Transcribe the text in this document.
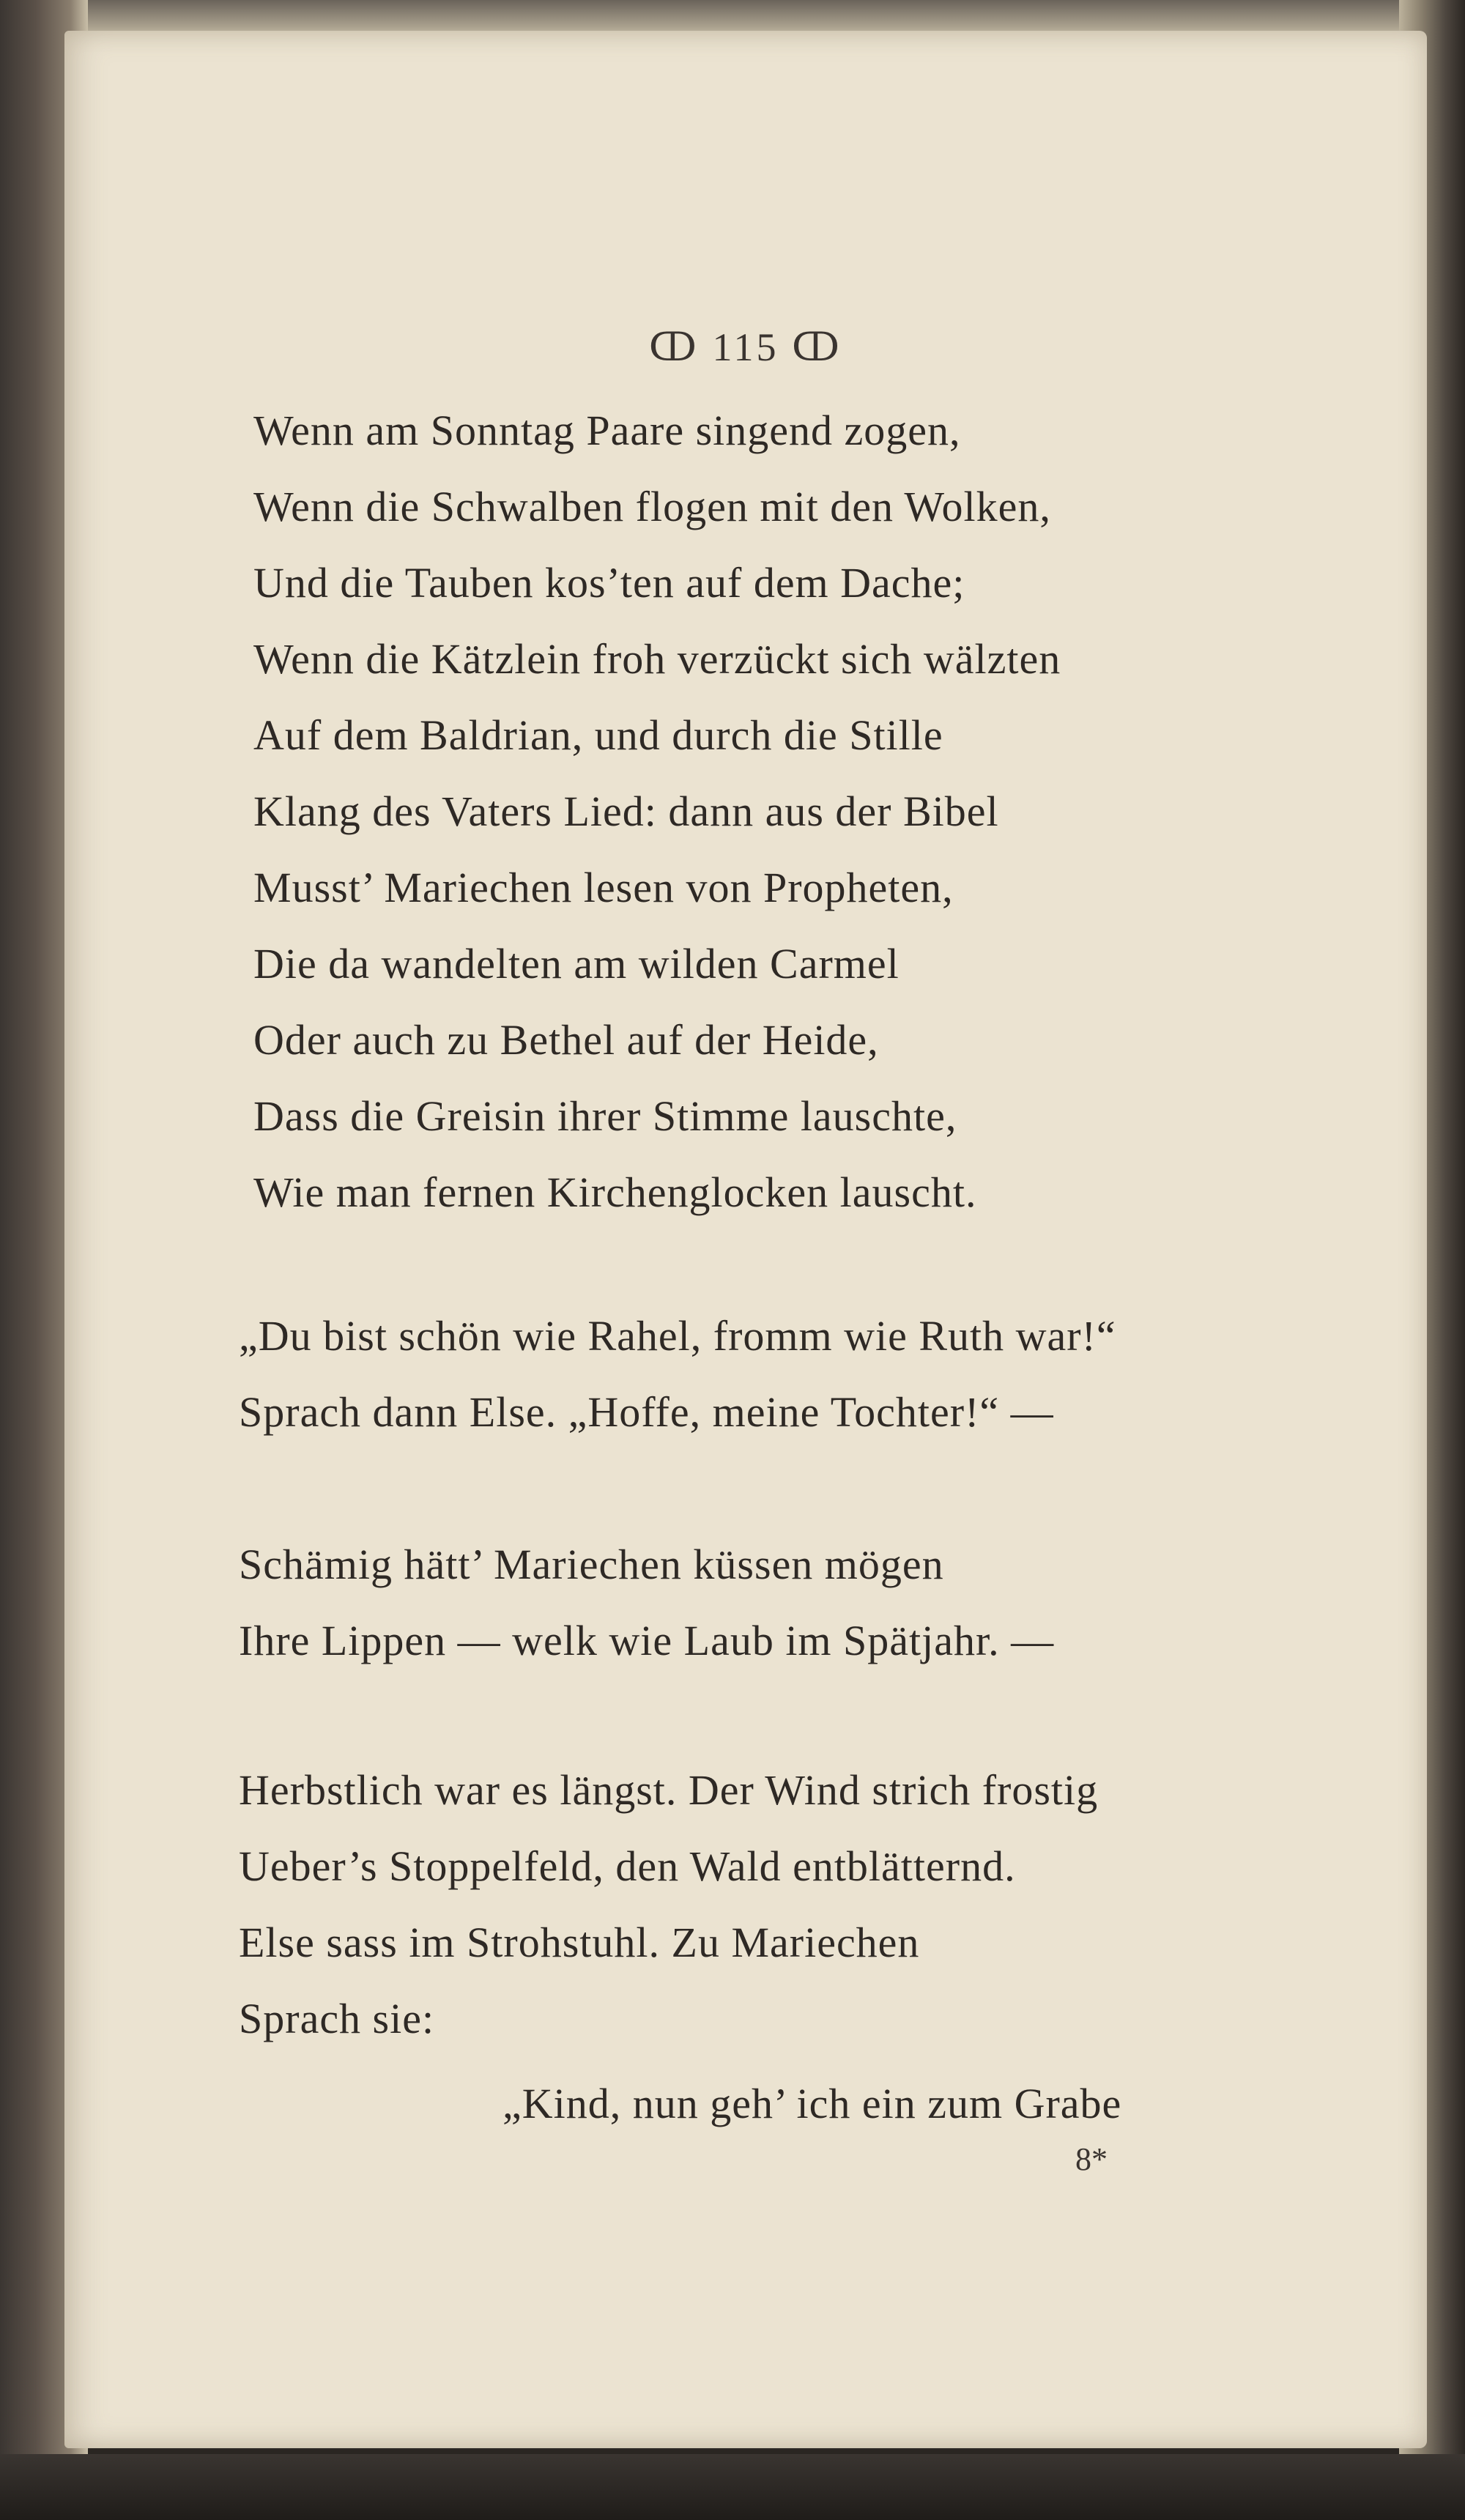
ↀ 115 ↀ
Wenn am Sonntag Paare singend zogen,
Wenn die Schwalben flogen mit den Wolken,
Und die Tauben kos’ten auf dem Dache;
Wenn die Kätzlein froh verzückt sich wälzten
Auf dem Baldrian, und durch die Stille
Klang des Vaters Lied: dann aus der Bibel
Musst’ Mariechen lesen von Propheten,
Die da wandelten am wilden Carmel
Oder auch zu Bethel auf der Heide,
Dass die Greisin ihrer Stimme lauschte,
Wie man fernen Kirchenglocken lauscht.
„Du bist schön wie Rahel, fromm wie Ruth war!“
Sprach dann Else. „Hoffe, meine Tochter!“ —
Schämig hätt’ Mariechen küssen mögen
Ihre Lippen — welk wie Laub im Spätjahr. —
Herbstlich war es längst. Der Wind strich frostig
Ueber’s Stoppelfeld, den Wald entblätternd.
Else sass im Strohstuhl. Zu Mariechen
Sprach sie:
„Kind, nun geh’ ich ein zum Grabe
8*
